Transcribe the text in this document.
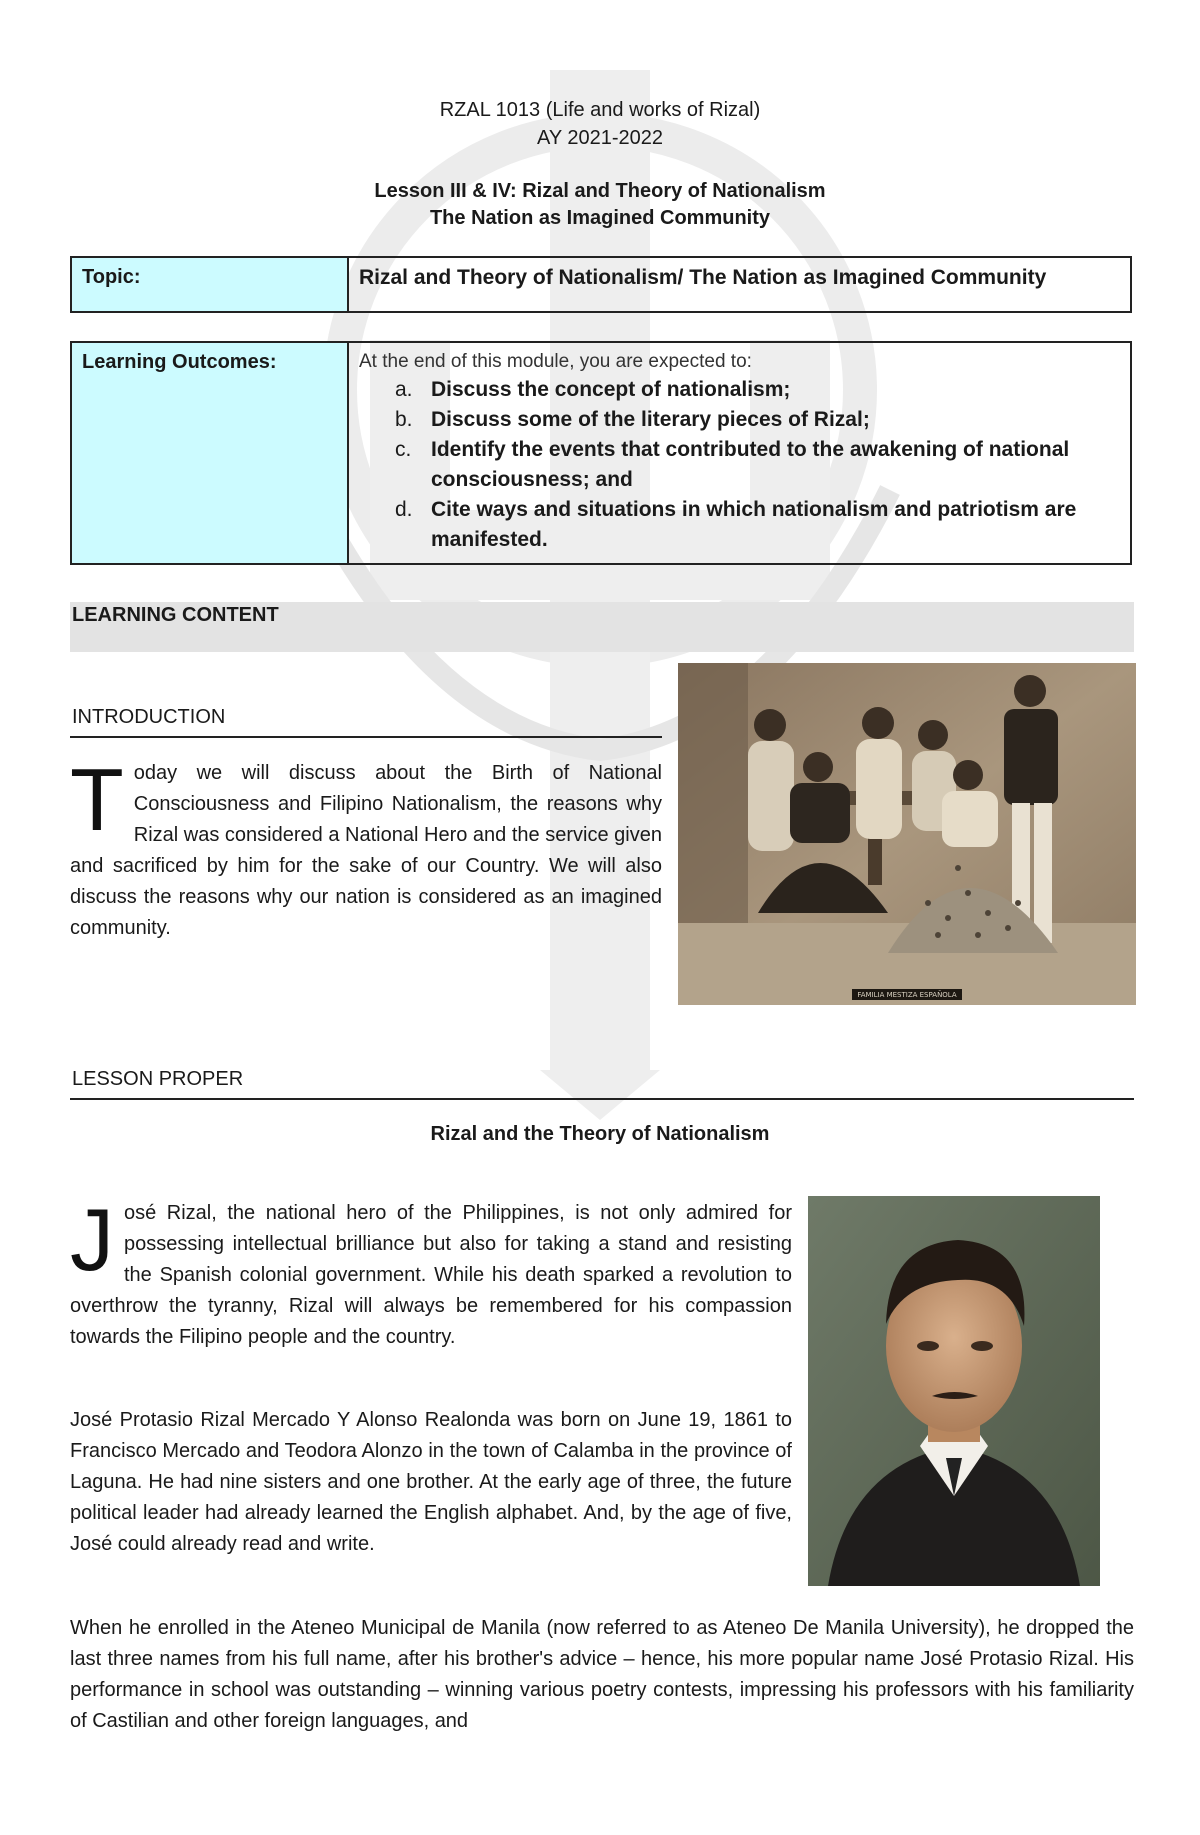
RZAL 1013 (Life and works of Rizal)
AY 2021-2022
Lesson III & IV: Rizal and Theory of Nationalism
The Nation as Imagined Community
Topic:	Rizal and Theory of Nationalism/ The Nation as Imagined Community
Learning Outcomes:	At the end of this module, you are expected to:
a. Discuss the concept of nationalism;
b. Discuss some of the literary pieces of Rizal;
c. Identify the events that contributed to the awakening of national consciousness; and
d. Cite ways and situations in which nationalism and patriotism are manifested.
LEARNING CONTENT
INTRODUCTION
Today we will discuss about the Birth of National Consciousness and Filipino Nationalism, the reasons why Rizal was considered a National Hero and the service given and sacrificed by him for the sake of our Country. We will also discuss the reasons why our nation is considered as an imagined community.
FAMILIA MESTIZA ESPAÑOLA
LESSON PROPER
Rizal and the Theory of Nationalism
José Rizal, the national hero of the Philippines, is not only admired for possessing intellectual brilliance but also for taking a stand and resisting the Spanish colonial government. While his death sparked a revolution to overthrow the tyranny, Rizal will always be remembered for his compassion towards the Filipino people and the country.
José Protasio Rizal Mercado Y Alonso Realonda was born on June 19, 1861 to Francisco Mercado and Teodora Alonzo in the town of Calamba in the province of Laguna. He had nine sisters and one brother. At the early age of three, the future political leader had already learned the English alphabet. And, by the age of five, José could already read and write.
When he enrolled in the Ateneo Municipal de Manila (now referred to as Ateneo De Manila University), he dropped the last three names from his full name, after his brother's advice – hence, his more popular name José Protasio Rizal. His performance in school was outstanding – winning various poetry contests, impressing his professors with his familiarity of Castilian and other foreign languages, and
